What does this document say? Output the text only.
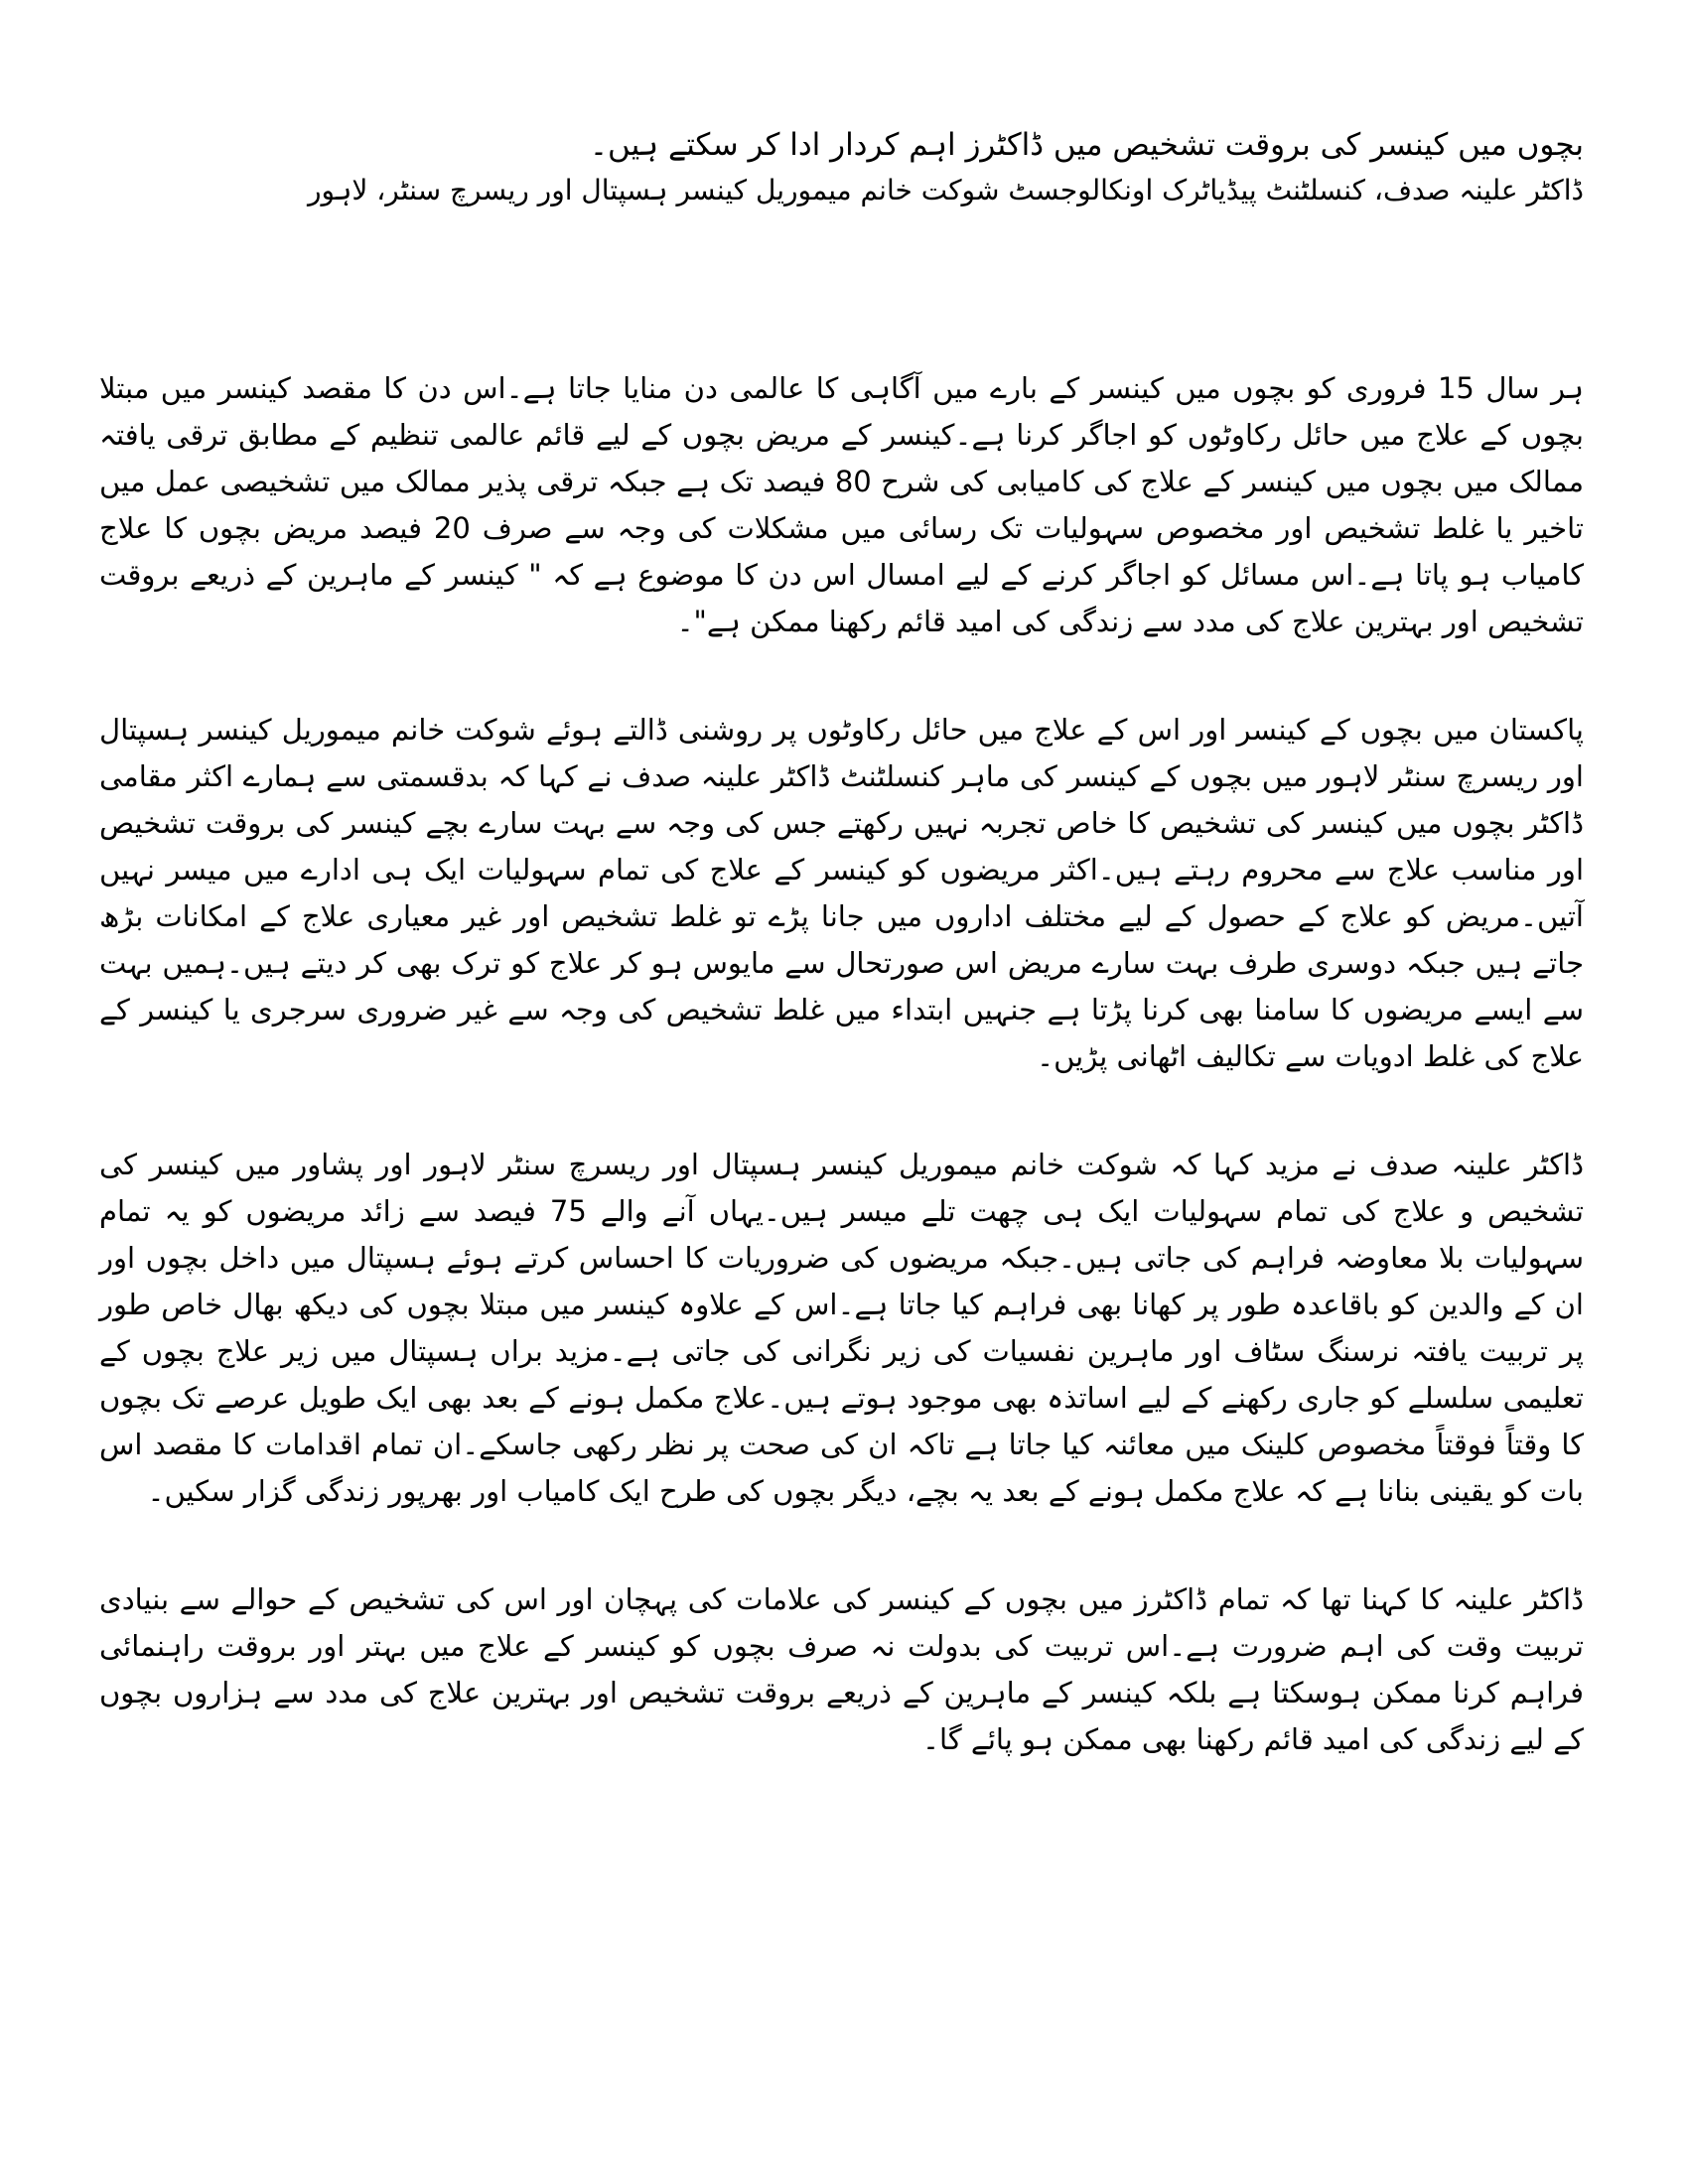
بچوں میں کینسر کی بروقت تشخیص میں ڈاکٹرز اہم کردار ادا کر سکتے ہیں۔
ڈاکٹر علینہ صدف، کنسلٹنٹ پیڈیاٹرک اونکالوجسٹ شوکت خانم میموریل کینسر ہسپتال اور ریسرچ سنٹر، لاہور

ہر سال 15 فروری کو بچوں میں کینسر کے بارے میں آگاہی کا عالمی دن منایا جاتا ہے۔اس دن کا مقصد کینسر میں مبتلا بچوں کے علاج میں حائل رکاوٹوں کو اجاگر کرنا ہے۔کینسر کے مریض بچوں کے لیے قائم عالمی تنظیم کے مطابق ترقی یافتہ ممالک میں بچوں میں کینسر کے علاج کی کامیابی کی شرح 80 فیصد تک ہے جبکہ ترقی پذیر ممالک میں تشخیصی عمل میں تاخیر یا غلط تشخیص اور مخصوص سہولیات تک رسائی میں مشکلات کی وجہ سے صرف 20 فیصد مریض بچوں کا علاج کامیاب ہو پاتا ہے۔اس مسائل کو اجاگر کرنے کے لیے امسال اس دن کا موضوع ہے کہ " کینسر کے ماہرین کے ذریعے بروقت تشخیص اور بہترین علاج کی مدد سے زندگی کی امید قائم رکھنا ممکن ہے"۔

پاکستان میں بچوں کے کینسر اور اس کے علاج میں حائل رکاوٹوں پر روشنی ڈالتے ہوئے شوکت خانم میموریل کینسر ہسپتال اور ریسرچ سنٹر لاہور میں بچوں کے کینسر کی ماہر کنسلٹنٹ ڈاکٹر علینہ صدف نے کہا کہ بدقسمتی سے ہمارے اکثر مقامی ڈاکٹر بچوں میں کینسر کی تشخیص کا خاص تجربہ نہیں رکھتے جس کی وجہ سے بہت سارے بچے کینسر کی بروقت تشخیص اور مناسب علاج سے محروم رہتے ہیں۔اکثر مریضوں کو کینسر کے علاج کی تمام سہولیات ایک ہی ادارے میں میسر نہیں آتیں۔مریض کو علاج کے حصول کے لیے مختلف اداروں میں جانا پڑے تو غلط تشخیص اور غیر معیاری علاج کے امکانات بڑھ جاتے ہیں جبکہ دوسری طرف بہت سارے مریض اس صورتحال سے مایوس ہو کر علاج کو ترک بھی کر دیتے ہیں۔ہمیں بہت سے ایسے مریضوں کا سامنا بھی کرنا پڑتا ہے جنہیں ابتداء میں غلط تشخیص کی وجہ سے غیر ضروری سرجری یا کینسر کے علاج کی غلط ادویات سے تکالیف اٹھانی پڑیں۔

ڈاکٹر علینہ صدف نے مزید کہا کہ شوکت خانم میموریل کینسر ہسپتال اور ریسرچ سنٹر لاہور اور پشاور میں کینسر کی تشخیص و علاج کی تمام سہولیات ایک ہی چھت تلے میسر ہیں۔یہاں آنے والے 75 فیصد سے زائد مریضوں کو یہ تمام سہولیات بلا معاوضہ فراہم کی جاتی ہیں۔جبکہ مریضوں کی ضروریات کا احساس کرتے ہوئے ہسپتال میں داخل بچوں اور ان کے والدین کو باقاعدہ طور پر کھانا بھی فراہم کیا جاتا ہے۔اس کے علاوہ کینسر میں مبتلا بچوں کی دیکھ بھال خاص طور پر تربیت یافتہ نرسنگ سٹاف اور ماہرین نفسیات کی زیر نگرانی کی جاتی ہے۔مزید براں ہسپتال میں زیر علاج بچوں کے تعلیمی سلسلے کو جاری رکھنے کے لیے اساتذہ بھی موجود ہوتے ہیں۔علاج مکمل ہونے کے بعد بھی ایک طویل عرصے تک بچوں کا وقتاً فوقتاً مخصوص کلینک میں معائنہ کیا جاتا ہے تاکہ ان کی صحت پر نظر رکھی جاسکے۔ان تمام اقدامات کا مقصد اس بات کو یقینی بنانا ہے کہ علاج مکمل ہونے کے بعد یہ بچے، دیگر بچوں کی طرح ایک کامیاب اور بھرپور زندگی گزار سکیں۔

ڈاکٹر علینہ کا کہنا تھا کہ تمام ڈاکٹرز میں بچوں کے کینسر کی علامات کی پہچان اور اس کی تشخیص کے حوالے سے بنیادی تربیت وقت کی اہم ضرورت ہے۔اس تربیت کی بدولت نہ صرف بچوں کو کینسر کے علاج میں بہتر اور بروقت راہنمائی فراہم کرنا ممکن ہوسکتا ہے بلکہ کینسر کے ماہرین کے ذریعے بروقت تشخیص اور بہترین علاج کی مدد سے ہزاروں بچوں کے لیے زندگی کی امید قائم رکھنا بھی ممکن ہو پائے گا۔
